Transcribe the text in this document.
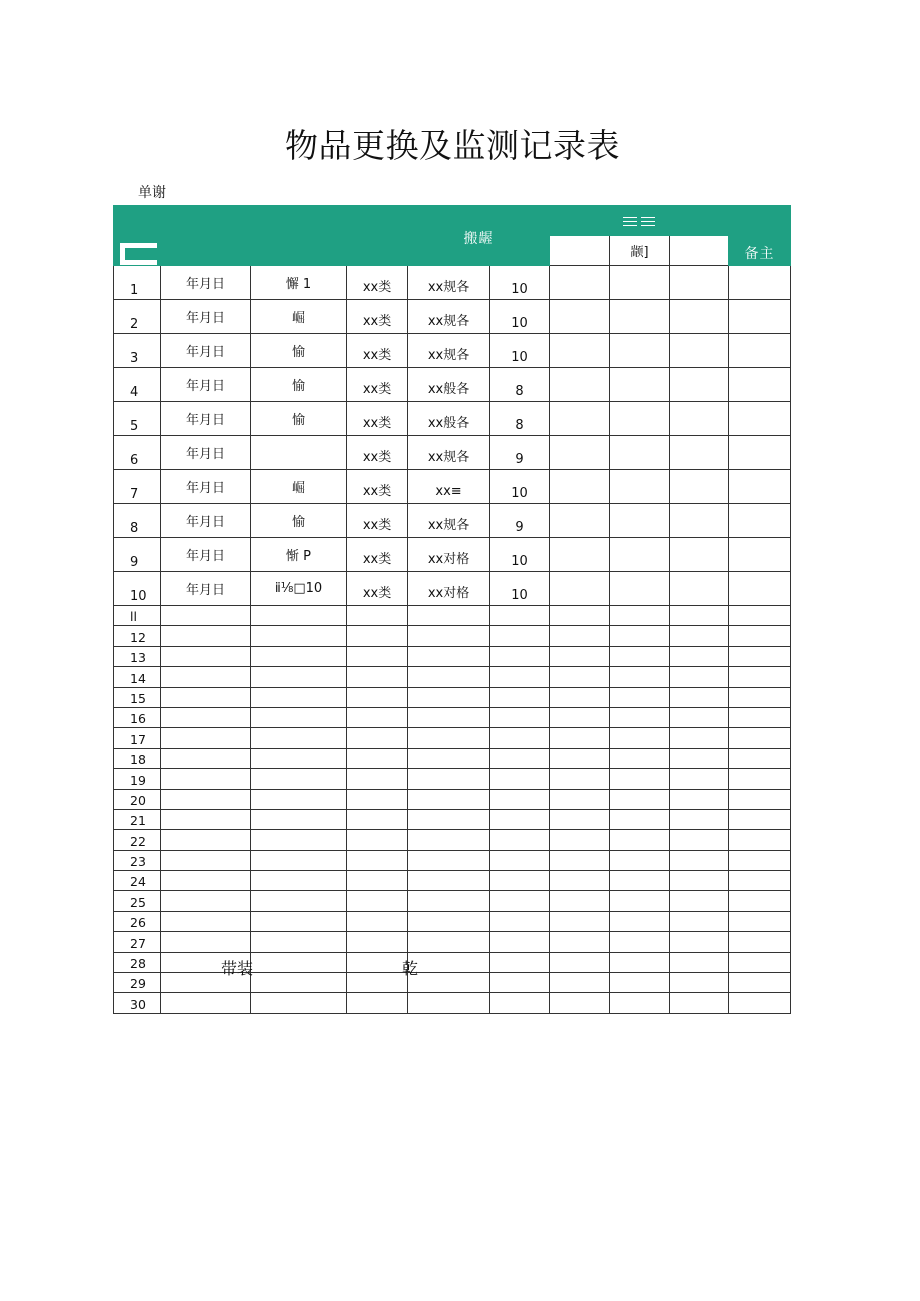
物品更换及监测记录表
单谢
				搬龌					备主
							颛]		
1	年月日	懈 1	xx类	xx规各	10				
2	年月日	崛	xx类	xx规各	10				
3	年月日	愉	xx类	xx规各	10				
4	年月日	愉	xx类	xx般各	8				
5	年月日	愉	xx类	xx般各	8				
6	年月日		xx类	xx规各	9				
7	年月日	崛	xx类	xx≡	10				
8	年月日	愉	xx类	xx规各	9				
9	年月日	惭 P	xx类	xx对格	10				
10	年月日	ⅱ⅛□10	xx类	xx对格	10				
ll									
12									
13									
14									
15									
16									
17									
18									
19									
20									
21									
22									
23									
24									
25									
26									
27									
28									
29									
30									
带装	乾
